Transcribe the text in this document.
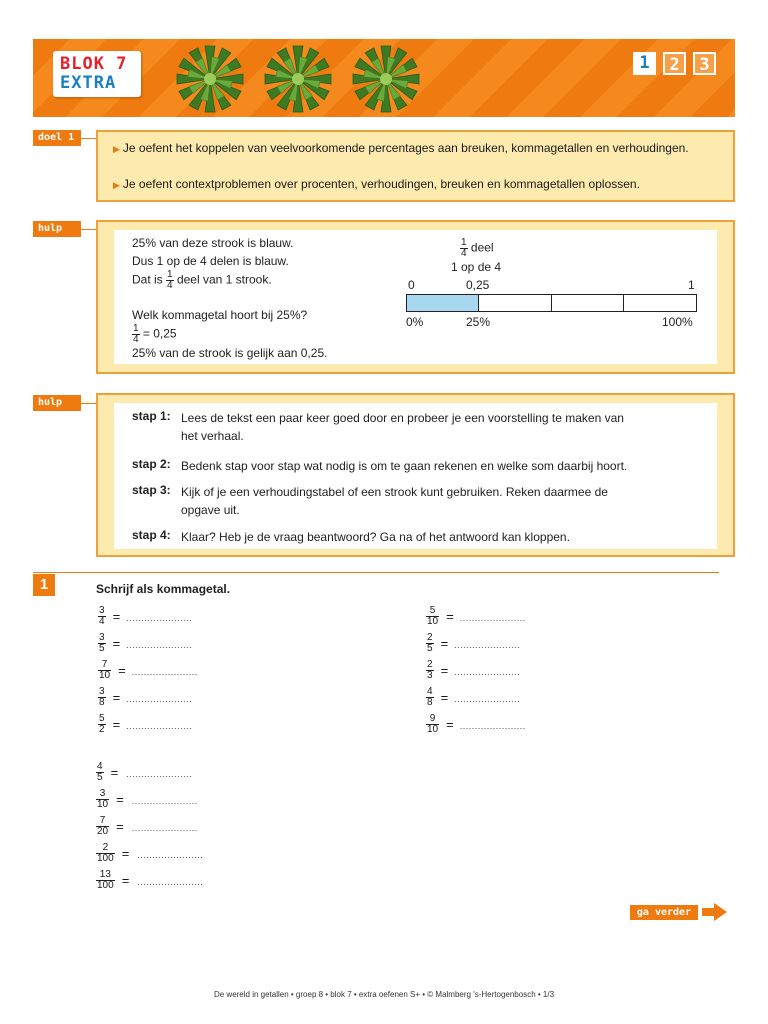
BLOK 7
EXTRA
1	2	3
doel 1
▶ Je oefent het koppelen van veelvoorkomende percentages aan breuken, kommagetallen en verhoudingen.
▶ Je oefent contextproblemen over procenten, verhoudingen, breuken en kommagetallen oplossen.
hulp
25% van deze strook is blauw.
Dus 1 op de 4 delen is blauw.
Dat is $\frac{1}{4}$ deel van 1 strook.
Welk kommagetal hoort bij 25%?
$\frac{1}{4} = 0,25$
25% van de strook is gelijk aan 0,25.
$\frac{1}{4}$ deel
1 op de 4
0	0,25	1
0%	25%	100%
hulp
stap 1: Lees de tekst een paar keer goed door en probeer je een voorstelling te maken van
het verhaal.
stap 2: Bedenk stap voor stap wat nodig is om te gaan rekenen en welke som daarbij hoort.
stap 3: Kijk of je een verhoudingstabel of een strook kunt gebruiken. Reken daarmee de
opgave uit.
stap 4: Klaar? Heb je de vraag beantwoord? Ga na of het antwoord kan kloppen.
1	Schrijf als kommagetal.
$\frac{3}{4}$ = ......................
$\frac{3}{5}$ = ......................
$\frac{7}{10}$ = ......................
$\frac{3}{8}$ = ......................
$\frac{5}{2}$ = ......................
$\frac{5}{10}$ = ......................
$\frac{2}{5}$ = ......................
$\frac{2}{3}$ = ......................
$\frac{4}{8}$ = ......................
$\frac{9}{10}$ = ......................
$\frac{4}{5}$ = ......................
$\frac{3}{10}$ = ......................
$\frac{7}{20}$ = ......................
$\frac{2}{100}$ = ......................
$\frac{13}{100}$ = ......................
ga verder
De wereld in getallen • groep 8 • blok 7 • extra oefenen S+ • © Malmberg 's-Hertogenbosch • 1/3
